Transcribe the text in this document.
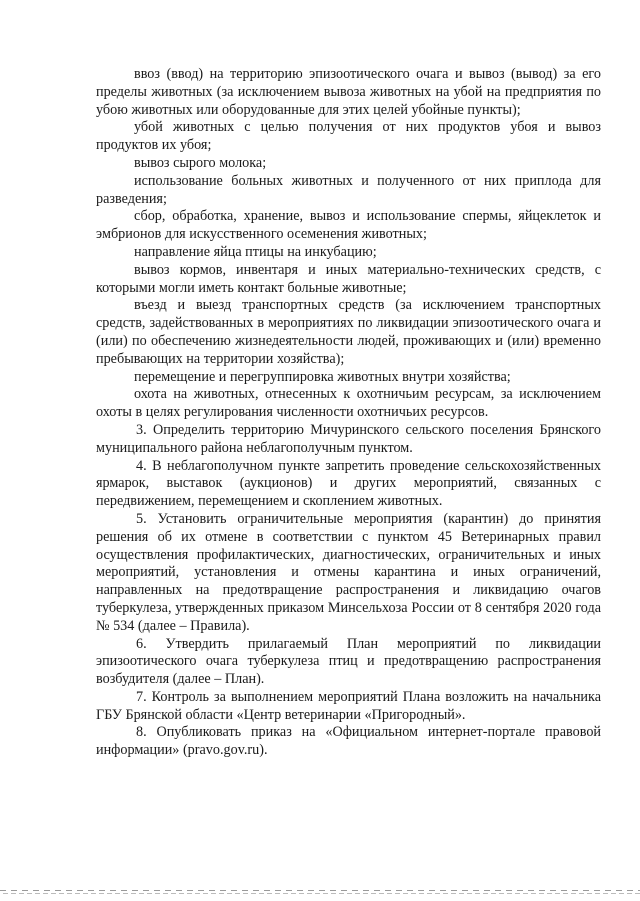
ввоз (ввод) на территорию эпизоотического очага и вывоз (вывод) за его пределы животных (за исключением вывоза животных на убой на предприятия по убою животных или оборудованные для этих целей убойные пункты);

убой животных с целью получения от них продуктов убоя и вывоз продуктов их убоя;

вывоз сырого молока;

использование больных животных и полученного от них приплода для разведения;

сбор, обработка, хранение, вывоз и использование спермы, яйцеклеток и эмбрионов для искусственного осеменения животных;

направление яйца птицы на инкубацию;

вывоз кормов, инвентаря и иных материально-технических средств, с которыми могли иметь контакт больные животные;

въезд и выезд транспортных средств (за исключением транспортных средств, задействованных в мероприятиях по ликвидации эпизоотического очага и (или) по обеспечению жизнедеятельности людей, проживающих и (или) временно пребывающих на территории хозяйства);

перемещение и перегруппировка животных внутри хозяйства;

охота на животных, отнесенных к охотничьим ресурсам, за исключением охоты в целях регулирования численности охотничьих ресурсов.

3. Определить территорию Мичуринского сельского поселения Брянского муниципального района неблагополучным пунктом.

4. В неблагополучном пункте запретить проведение сельскохозяйственных ярмарок, выставок (аукционов) и других мероприятий, связанных с передвижением, перемещением и скоплением животных.

5. Установить ограничительные мероприятия (карантин) до принятия решения об их отмене в соответствии с пунктом 45 Ветеринарных правил осуществления профилактических, диагностических, ограничительных и иных мероприятий, установления и отмены карантина и иных ограничений, направленных на предотвращение распространения и ликвидацию очагов туберкулеза, утвержденных приказом Минсельхоза России от 8 сентября 2020 года № 534 (далее – Правила).

6. Утвердить прилагаемый План мероприятий по ликвидации эпизоотического очага туберкулеза птиц и предотвращению распространения возбудителя (далее – План).

7. Контроль за выполнением мероприятий Плана возложить на начальника ГБУ Брянской области «Центр ветеринарии «Пригородный».

8. Опубликовать приказ на «Официальном интернет-портале правовой информации» (pravo.gov.ru).
